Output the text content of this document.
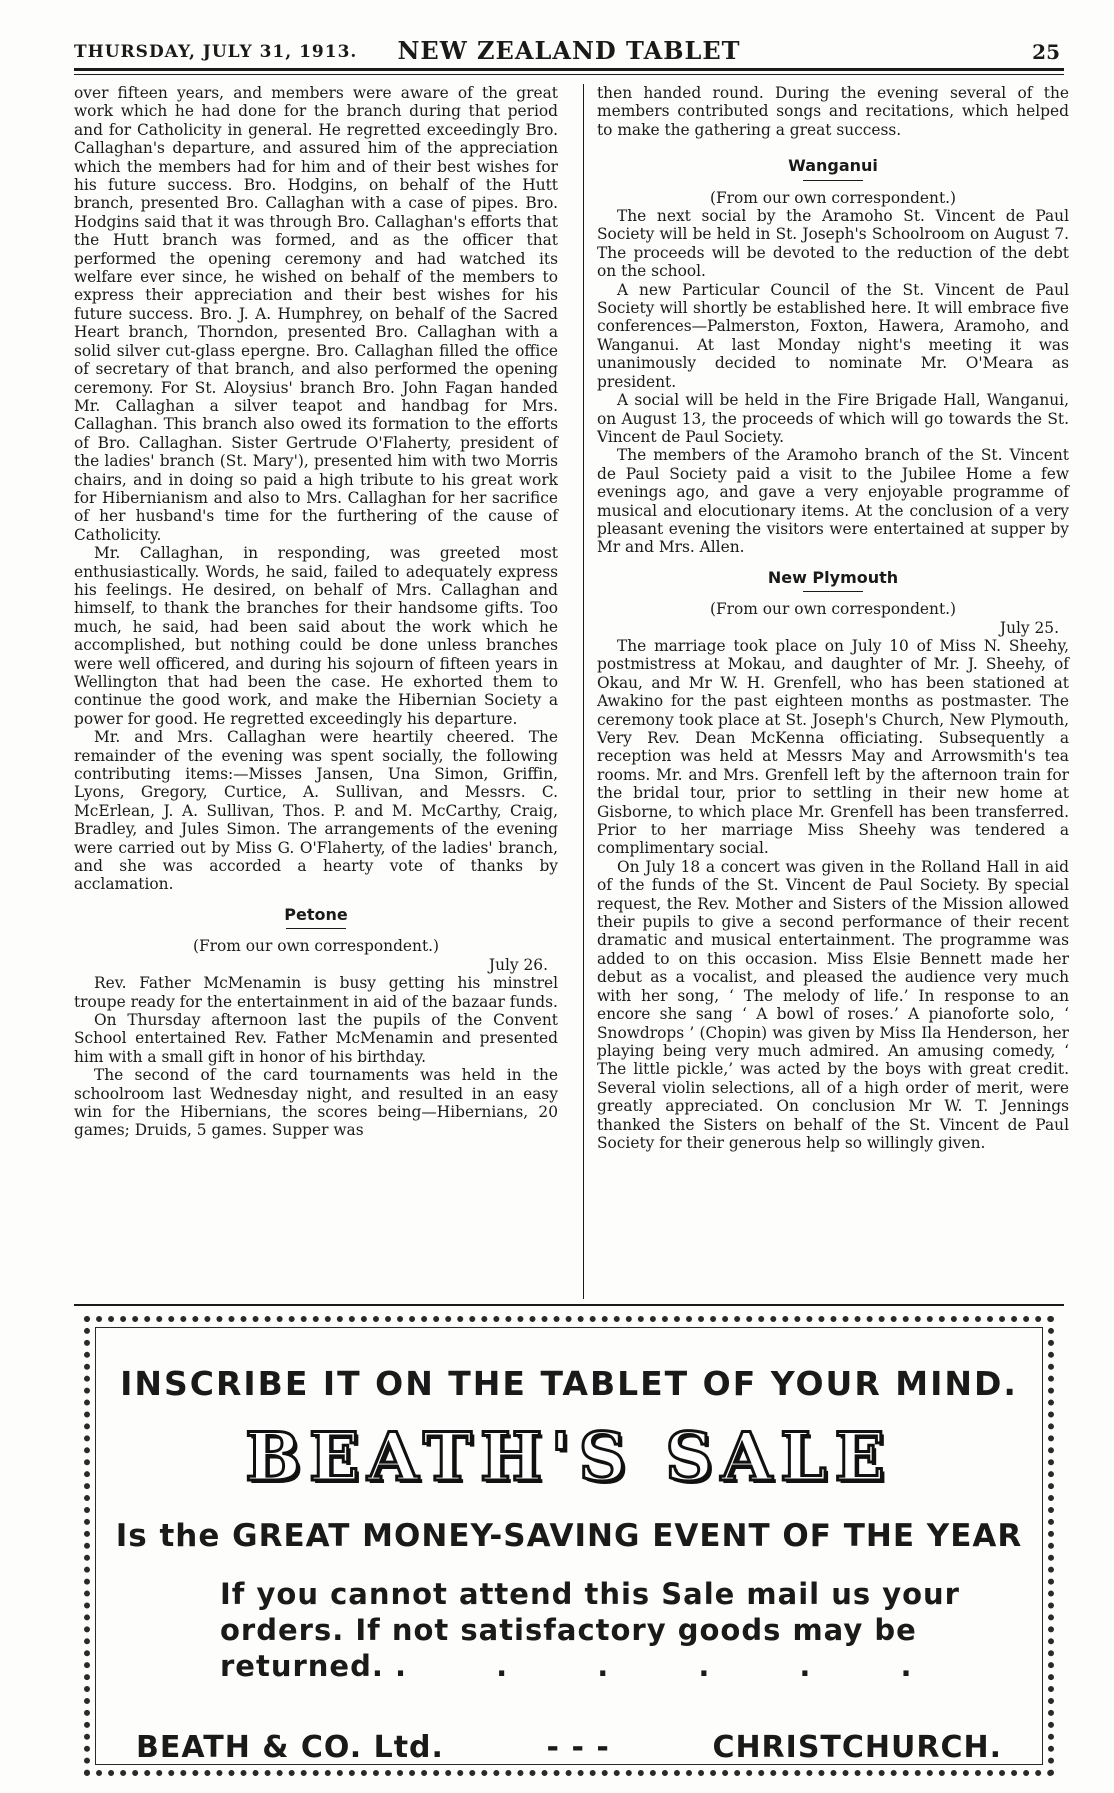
THURSDAY, JULY 31, 1913.	NEW ZEALAND TABLET	25

over fifteen years, and members were aware of the great work which he had done for the branch during that period and for Catholicity in general. He regretted exceedingly Bro. Callaghan's departure, and assured him of the appreciation which the members had for him and of their best wishes for his future success. Bro. Hodgins, on behalf of the Hutt branch, presented Bro. Callaghan with a case of pipes. Bro. Hodgins said that it was through Bro. Callaghan's efforts that the Hutt branch was formed, and as the officer that performed the opening ceremony and had watched its welfare ever since, he wished on behalf of the members to express their appreciation and their best wishes for his future success. Bro. J. A. Humphrey, on behalf of the Sacred Heart branch, Thorndon, presented Bro. Callaghan with a solid silver cut-glass epergne. Bro. Callaghan filled the office of secretary of that branch, and also performed the opening ceremony. For St. Aloysius' branch Bro. John Fagan handed Mr. Callaghan a silver teapot and handbag for Mrs. Callaghan. This branch also owed its formation to the efforts of Bro. Callaghan. Sister Gertrude O'Flaherty, president of the ladies' branch (St. Mary'), presented him with two Morris chairs, and in doing so paid a high tribute to his great work for Hibernianism and also to Mrs. Callaghan for her sacrifice of her husband's time for the furthering of the cause of Catholicity.

Mr. Callaghan, in responding, was greeted most enthusiastically. Words, he said, failed to adequately express his feelings. He desired, on behalf of Mrs. Callaghan and himself, to thank the branches for their handsome gifts. Too much, he said, had been said about the work which he accomplished, but nothing could be done unless branches were well officered, and during his sojourn of fifteen years in Wellington that had been the case. He exhorted them to continue the good work, and make the Hibernian Society a power for good. He regretted exceedingly his departure.

Mr. and Mrs. Callaghan were heartily cheered. The remainder of the evening was spent socially, the following contributing items:—Misses Jansen, Una Simon, Griffin, Lyons, Gregory, Curtice, A. Sullivan, and Messrs. C. McErlean, J. A. Sullivan, Thos. P. and M. McCarthy, Craig, Bradley, and Jules Simon. The arrangements of the evening were carried out by Miss G. O'Flaherty, of the ladies' branch, and she was accorded a hearty vote of thanks by acclamation.

Petone
(From our own correspondent.)
July 26.

Rev. Father McMenamin is busy getting his minstrel troupe ready for the entertainment in aid of the bazaar funds.

On Thursday afternoon last the pupils of the Convent School entertained Rev. Father McMenamin and presented him with a small gift in honor of his birthday.

The second of the card tournaments was held in the schoolroom last Wednesday night, and resulted in an easy win for the Hibernians, the scores being—Hibernians, 20 games; Druids, 5 games. Supper was

then handed round. During the evening several of the members contributed songs and recitations, which helped to make the gathering a great success.

Wanganui
(From our own correspondent.)

The next social by the Aramoho St. Vincent de Paul Society will be held in St. Joseph's Schoolroom on August 7. The proceeds will be devoted to the reduction of the debt on the school.

A new Particular Council of the St. Vincent de Paul Society will shortly be established here. It will embrace five conferences—Palmerston, Foxton, Hawera, Aramoho, and Wanganui. At last Monday night's meeting it was unanimously decided to nominate Mr. O'Meara as president.

A social will be held in the Fire Brigade Hall, Wanganui, on August 13, the proceeds of which will go towards the St. Vincent de Paul Society.

The members of the Aramoho branch of the St. Vincent de Paul Society paid a visit to the Jubilee Home a few evenings ago, and gave a very enjoyable programme of musical and elocutionary items. At the conclusion of a very pleasant evening the visitors were entertained at supper by Mr and Mrs. Allen.

New Plymouth
(From our own correspondent.)
July 25.

The marriage took place on July 10 of Miss N. Sheehy, postmistress at Mokau, and daughter of Mr. J. Sheehy, of Okau, and Mr W. H. Grenfell, who has been stationed at Awakino for the past eighteen months as postmaster. The ceremony took place at St. Joseph's Church, New Plymouth, Very Rev. Dean McKenna officiating. Subsequently a reception was held at Messrs May and Arrowsmith's tea rooms. Mr. and Mrs. Grenfell left by the afternoon train for the bridal tour, prior to settling in their new home at Gisborne, to which place Mr. Grenfell has been transferred. Prior to her marriage Miss Sheehy was tendered a complimentary social.

On July 18 a concert was given in the Rolland Hall in aid of the funds of the St. Vincent de Paul Society. By special request, the Rev. Mother and Sisters of the Mission allowed their pupils to give a second performance of their recent dramatic and musical entertainment. The programme was added to on this occasion. Miss Elsie Bennett made her debut as a vocalist, and pleased the audience very much with her song, ‘ The melody of life.’ In response to an encore she sang ‘ A bowl of roses.’ A pianoforte solo, ‘ Snowdrops ’ (Chopin) was given by Miss Ila Henderson, her playing being very much admired. An amusing comedy, ‘ The little pickle,’ was acted by the boys with great credit. Several violin selections, all of a high order of merit, were greatly appreciated. On conclusion Mr W. T. Jennings thanked the Sisters on behalf of the St. Vincent de Paul Society for their generous help so willingly given.

INSCRIBE IT ON THE TABLET OF YOUR MIND.
BEATH'S SALE
Is the GREAT MONEY-SAVING EVENT OF THE YEAR
If you cannot attend this Sale mail us your orders. If not satisfactory goods may be returned. . . . . . .
BEATH & CO. Ltd.	- - -	CHRISTCHURCH.
